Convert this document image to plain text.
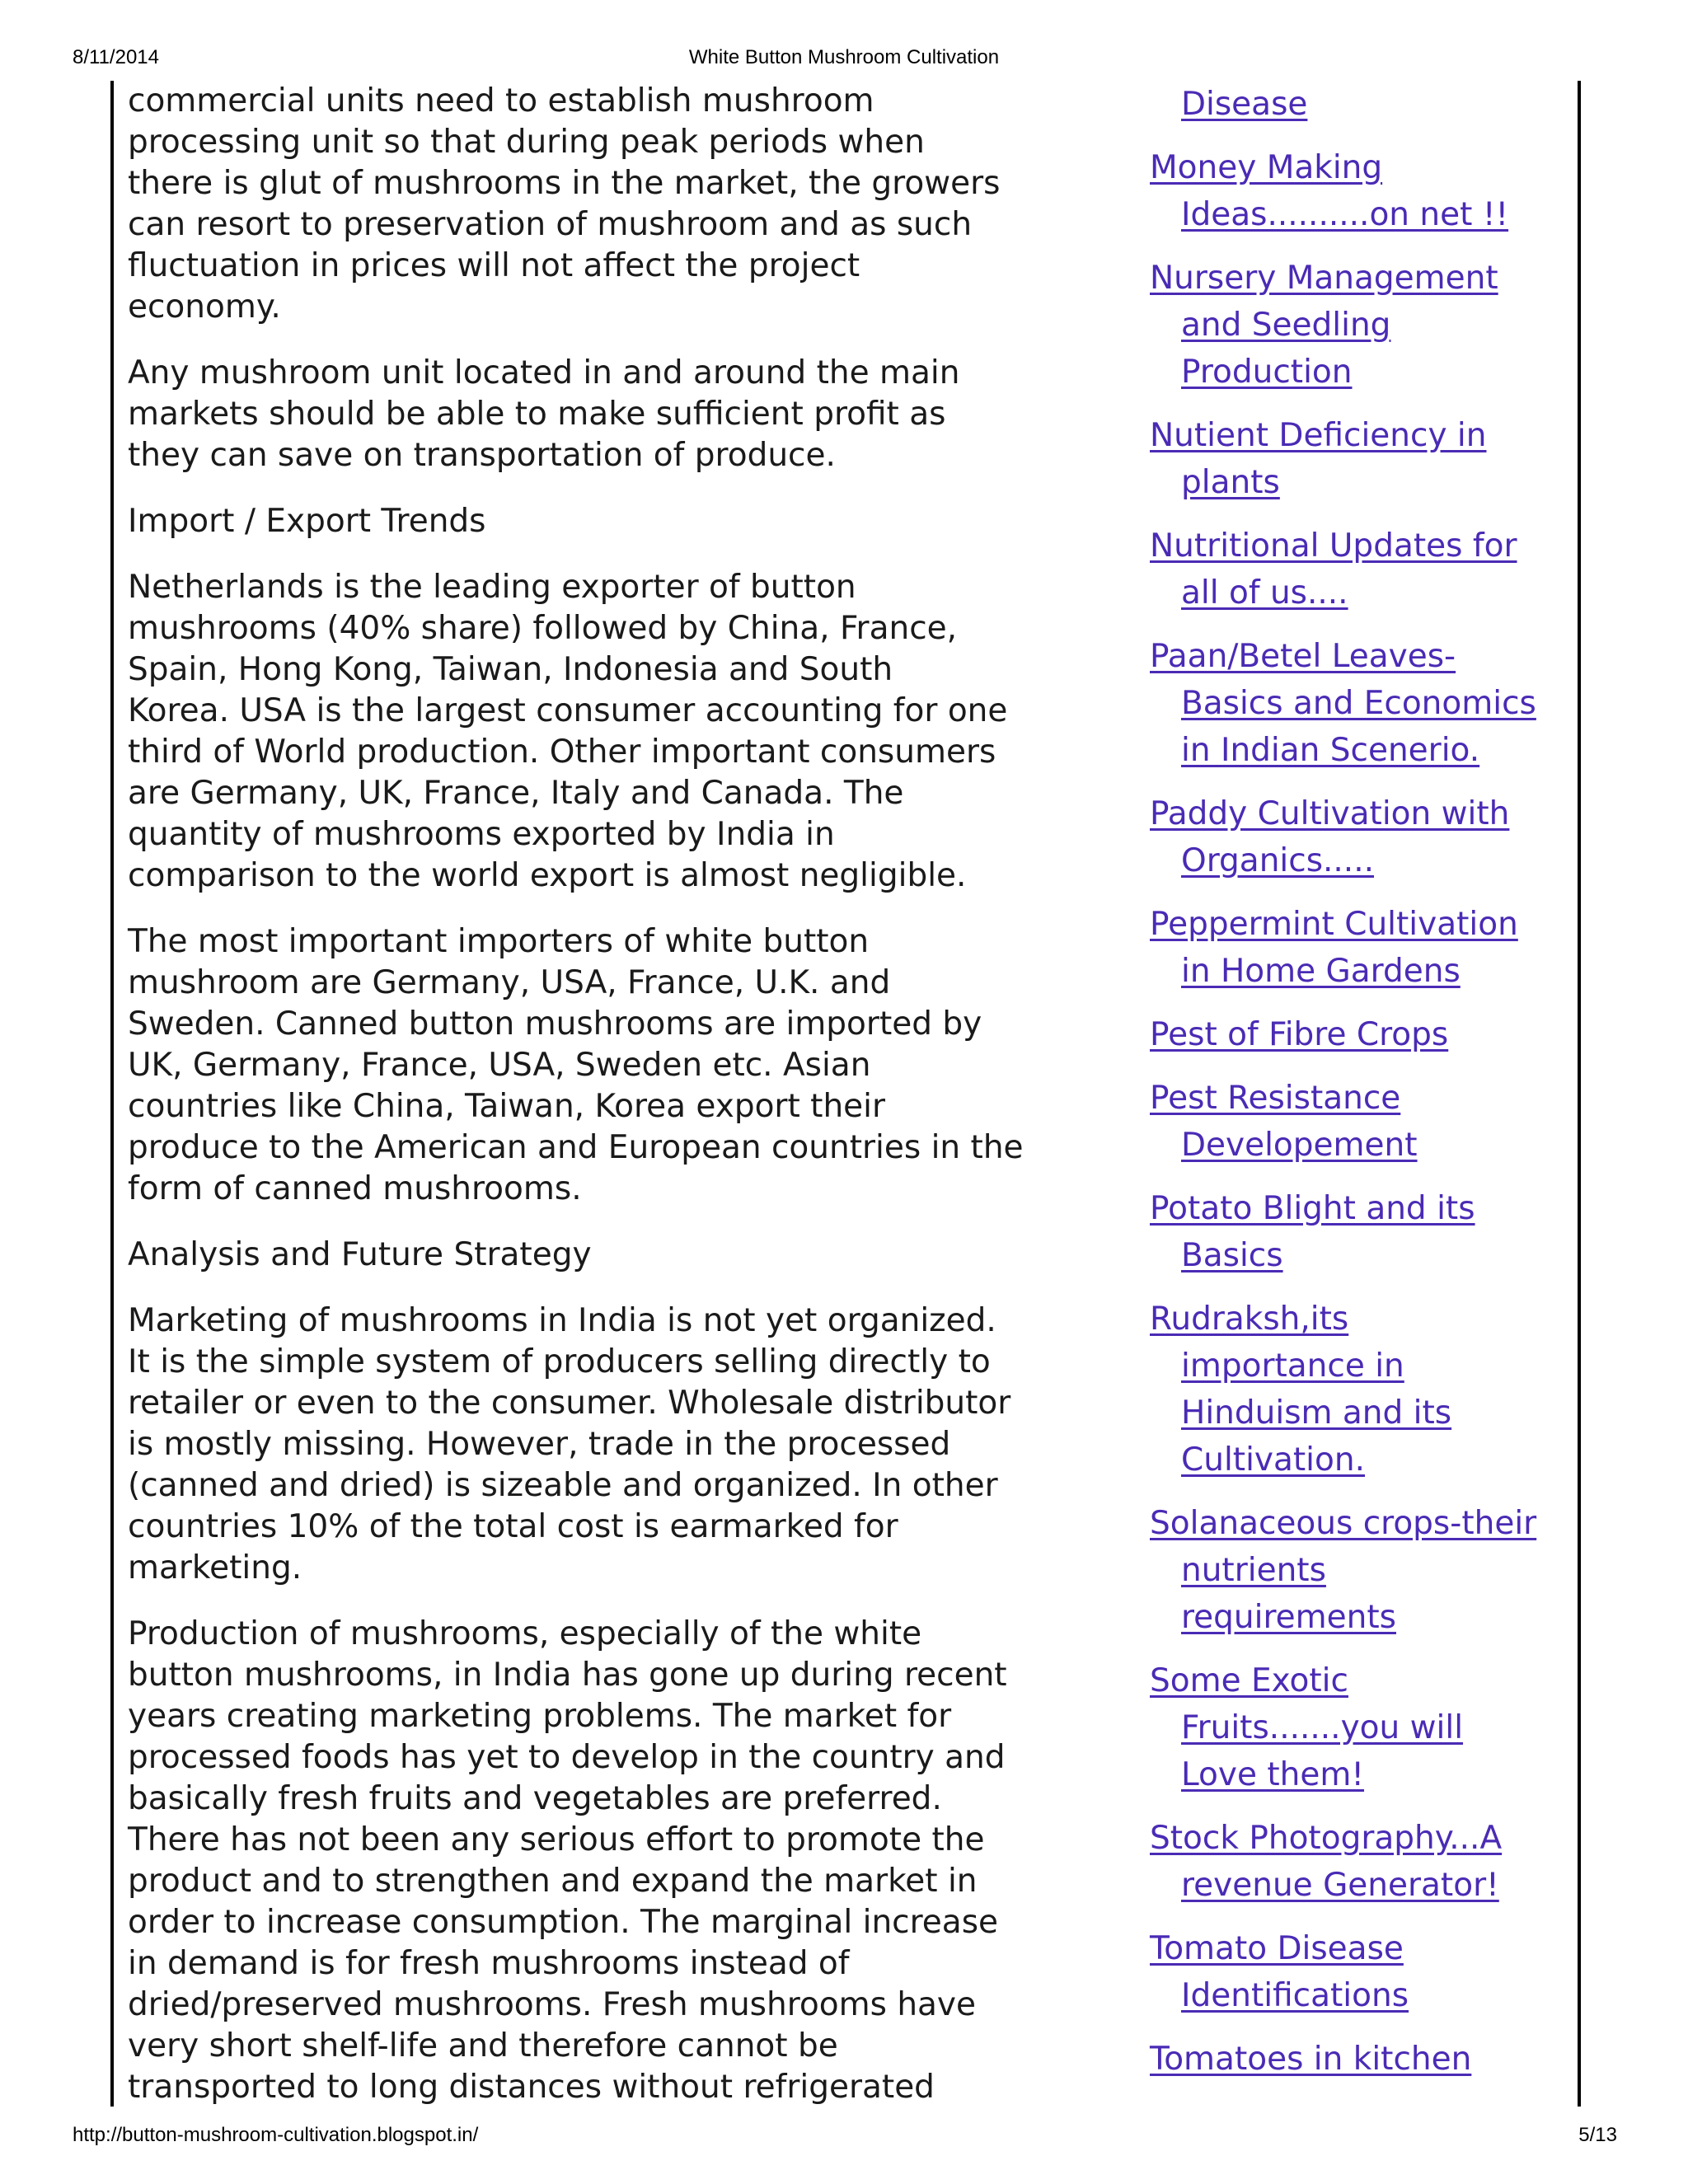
8/11/2014	White Button Mushroom Cultivation

commercial units need to establish mushroom
processing unit so that during peak periods when
there is glut of mushrooms in the market, the growers
can resort to preservation of mushroom and as such
fluctuation in prices will not affect the project
economy.

Any mushroom unit located in and around the main
markets should be able to make sufficient profit as
they can save on transportation of produce.

Import / Export Trends

Netherlands is the leading exporter of button
mushrooms (40% share) followed by China, France,
Spain, Hong Kong, Taiwan, Indonesia and South
Korea. USA is the largest consumer accounting for one
third of World production. Other important consumers
are Germany, UK, France, Italy and Canada. The
quantity of mushrooms exported by India in
comparison to the world export is almost negligible.

The most important importers of white button
mushroom are Germany, USA, France, U.K. and
Sweden. Canned button mushrooms are imported by
UK, Germany, France, USA, Sweden etc. Asian
countries like China, Taiwan, Korea export their
produce to the American and European countries in the
form of canned mushrooms.

Analysis and Future Strategy

Marketing of mushrooms in India is not yet organized.
It is the simple system of producers selling directly to
retailer or even to the consumer. Wholesale distributor
is mostly missing. However, trade in the processed
(canned and dried) is sizeable and organized. In other
countries 10% of the total cost is earmarked for
marketing.

Production of mushrooms, especially of the white
button mushrooms, in India has gone up during recent
years creating marketing problems. The market for
processed foods has yet to develop in the country and
basically fresh fruits and vegetables are preferred.
There has not been any serious effort to promote the
product and to strengthen and expand the market in
order to increase consumption. The marginal increase
in demand is for fresh mushrooms instead of
dried/preserved mushrooms. Fresh mushrooms have
very short shelf-life and therefore cannot be
transported to long distances without refrigerated

Disease
Money Making
Ideas..........on net !!
Nursery Management
and Seedling
Production
Nutient Deficiency in
plants
Nutritional Updates for
all of us....
Paan/Betel Leaves-
Basics and Economics
in Indian Scenerio.
Paddy Cultivation with
Organics.....
Peppermint Cultivation
in Home Gardens
Pest of Fibre Crops
Pest Resistance
Developement
Potato Blight and its
Basics
Rudraksh,its
importance in
Hinduism and its
Cultivation.
Solanaceous crops-their
nutrients
requirements
Some Exotic
Fruits.......you will
Love them!
Stock Photography...A
revenue Generator!
Tomato Disease
Identifications
Tomatoes in kitchen
http://button-mushroom-cultivation.blogspot.in/	5/13
